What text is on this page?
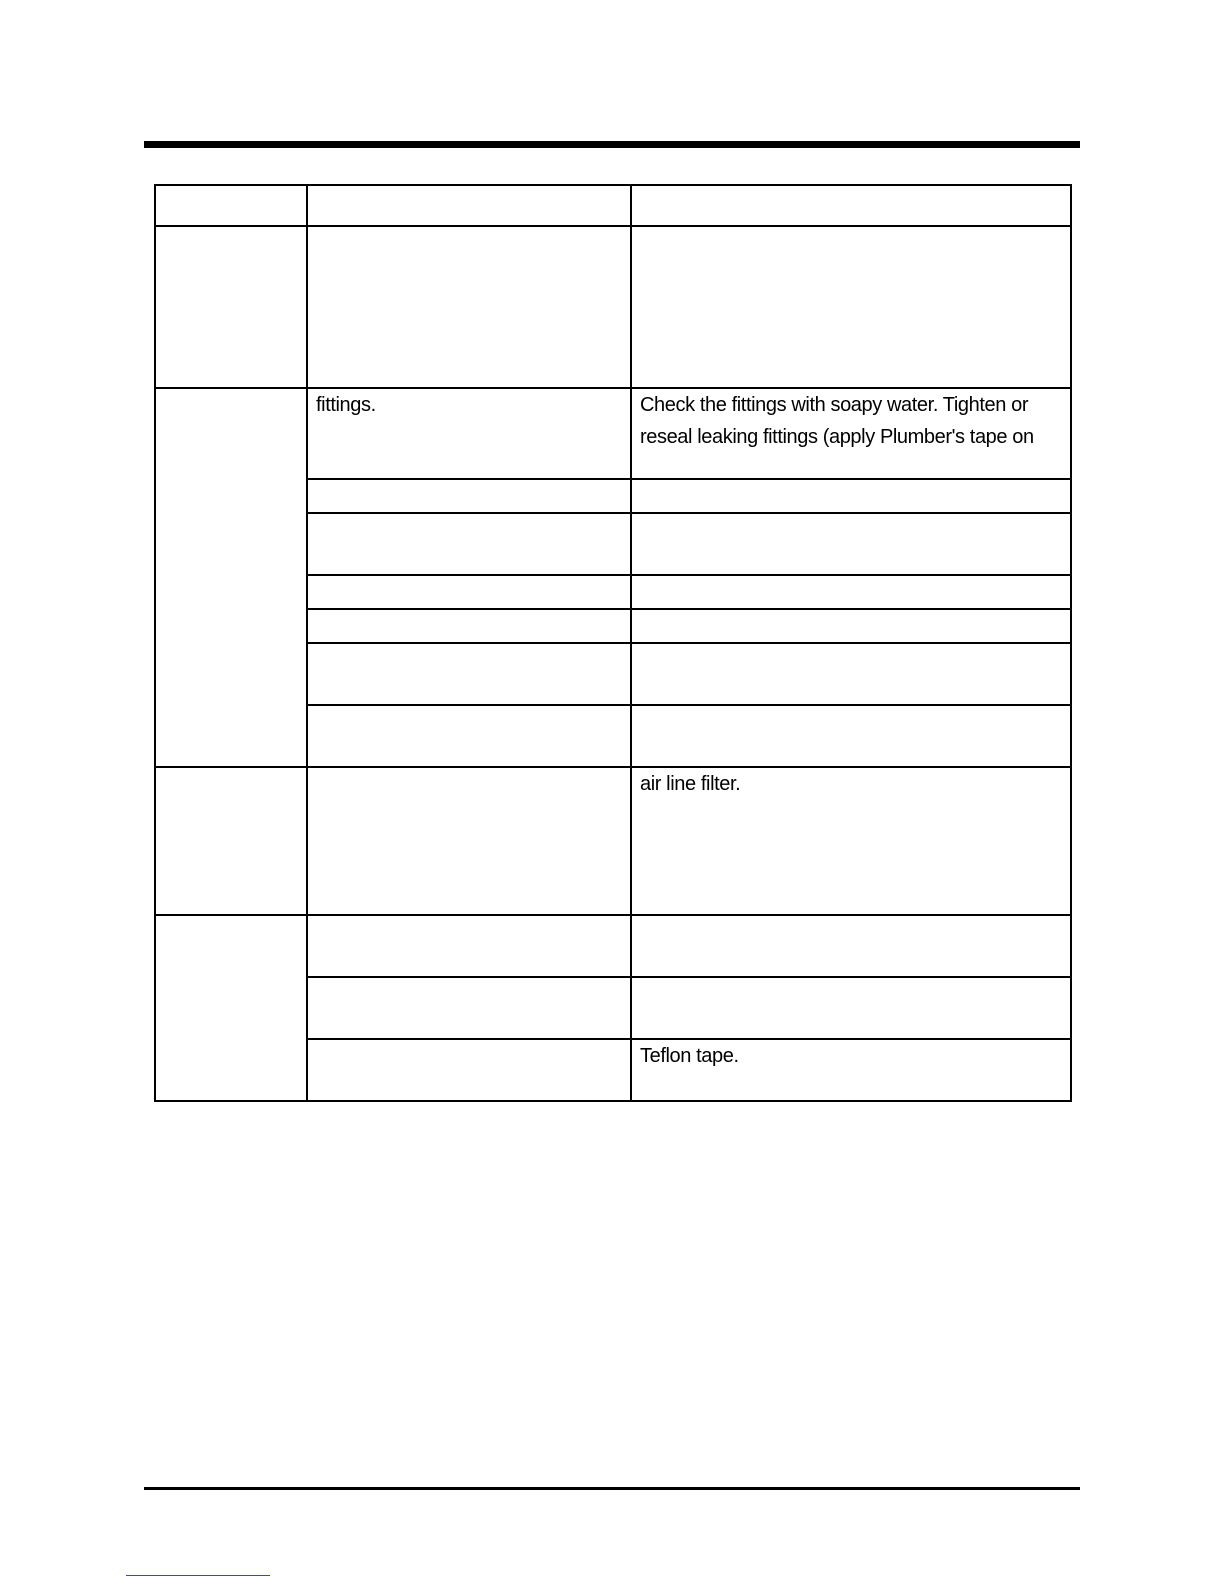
	fittings.	Check the fittings with soapy water. Tighten or
reseal leaking fittings (apply Plumber's tape on

		air line filter.

		Teflon tape.
